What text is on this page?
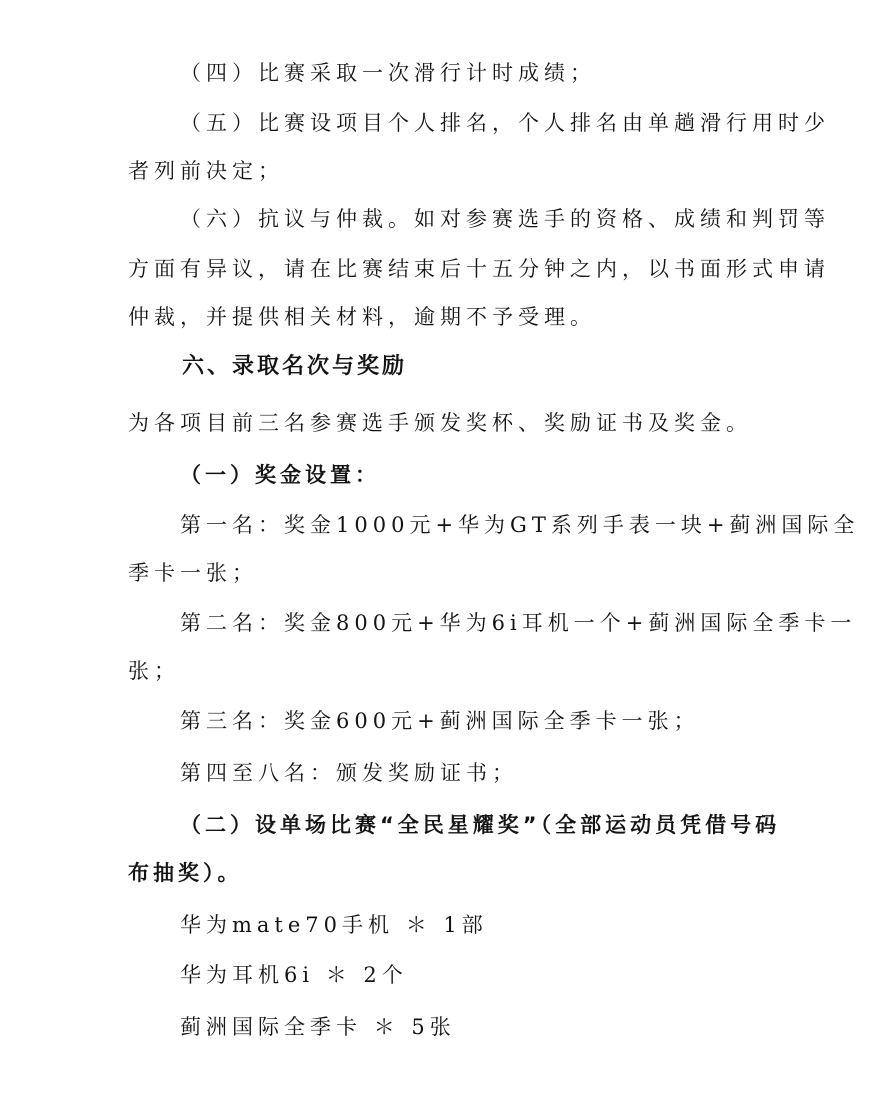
（四）比赛采取一次滑行计时成绩；

（五）比赛设项目个人排名，个人排名由单趟滑行用时少

者列前决定；

（六）抗议与仲裁。如对参赛选手的资格、成绩和判罚等

方面有异议，请在比赛结束后十五分钟之内，以书面形式申请

仲裁，并提供相关材料，逾期不予受理。

六、录取名次与奖励

为各项目前三名参赛选手颁发奖杯、奖励证书及奖金。

（一）奖金设置：

第一名：奖金1000元+华为GT系列手表一块+蓟洲国际全

季卡一张；

第二名：奖金800元+华为6i耳机一个+蓟洲国际全季卡一

张；

第三名：奖金600元+蓟洲国际全季卡一张；

第四至八名：颁发奖励证书；

（二）设单场比赛“全民星耀奖”（全部运动员凭借号码
布抽奖）。

华为mate70手机 ＊ 1部

华为耳机6i ＊ 2个

蓟洲国际全季卡 ＊ 5张
